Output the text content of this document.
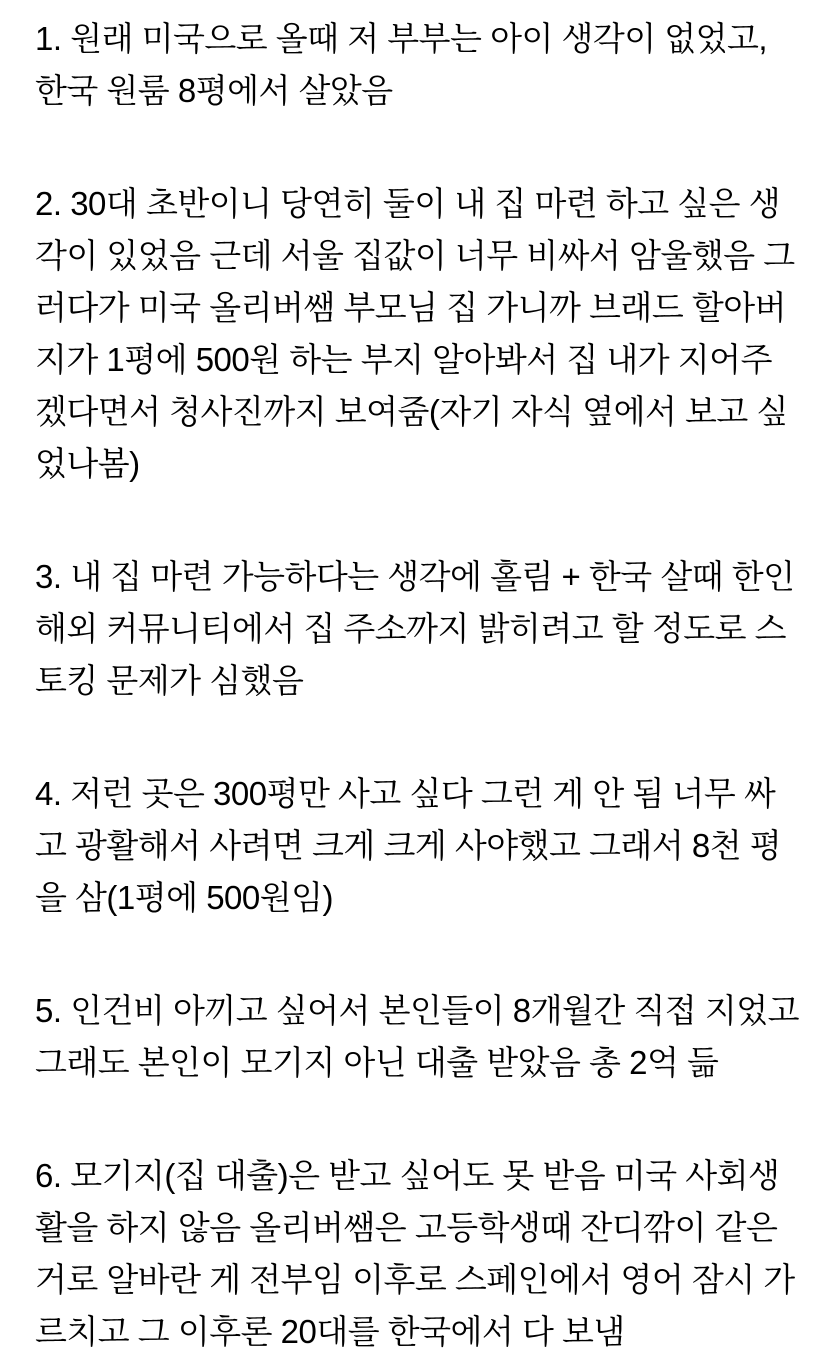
1. 원래 미국으로 올때 저 부부는 아이 생각이 없었고, 한국 원룸 8평에서 살았음

2. 30대 초반이니 당연히 둘이 내 집 마련 하고 싶은 생각이 있었음 근데 서울 집값이 너무 비싸서 암울했음 그러다가 미국 올리버쌤 부모님 집 가니까 브래드 할아버지가 1평에 500원 하는 부지 알아봐서 집 내가 지어주겠다면서 청사진까지 보여줌(자기 자식 옆에서 보고 싶었나봄)

3. 내 집 마련 가능하다는 생각에 홀림 + 한국 살때 한인 해외 커뮤니티에서 집 주소까지 밝히려고 할 정도로 스토킹 문제가 심했음

4. 저런 곳은 300평만 사고 싶다 그런 게 안 됨 너무 싸고 광활해서 사려면 크게 크게 사야했고 그래서 8천 평을 삼(1평에 500원임)

5. 인건비 아끼고 싶어서 본인들이 8개월간 직접 지었고 그래도 본인이 모기지 아닌 대출 받았음 총 2억 듦

6. 모기지(집 대출)은 받고 싶어도 못 받음 미국 사회생활을 하지 않음 올리버쌤은 고등학생때 잔디깎이 같은 거로 알바란 게 전부임 이후로 스페인에서 영어 잠시 가르치고 그 이후론 20대를 한국에서 다 보냄
